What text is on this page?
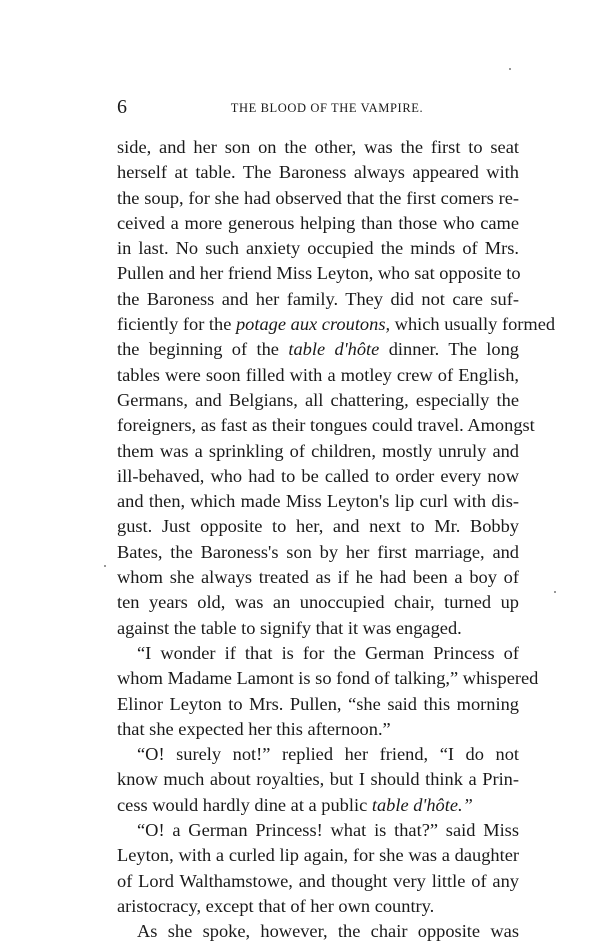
6	THE BLOOD OF THE VAMPIRE.
side, and her son on the other, was the first to seat
herself at table. The Baroness always appeared with
the soup, for she had observed that the first comers re-
ceived a more generous helping than those who came
in last. No such anxiety occupied the minds of Mrs.
Pullen and her friend Miss Leyton, who sat opposite to
the Baroness and her family. They did not care suf-
ficiently for the potage aux croutons, which usually formed
the beginning of the table d'hôte dinner. The long
tables were soon filled with a motley crew of English,
Germans, and Belgians, all chattering, especially the
foreigners, as fast as their tongues could travel. Amongst
them was a sprinkling of children, mostly unruly and
ill-behaved, who had to be called to order every now
and then, which made Miss Leyton's lip curl with dis-
gust. Just opposite to her, and next to Mr. Bobby
Bates, the Baroness's son by her first marriage, and
whom she always treated as if he had been a boy of
ten years old, was an unoccupied chair, turned up
against the table to signify that it was engaged.
“I wonder if that is for the German Princess of
whom Madame Lamont is so fond of talking,” whispered
Elinor Leyton to Mrs. Pullen, “she said this morning
that she expected her this afternoon.”
“O! surely not!” replied her friend, “I do not
know much about royalties, but I should think a Prin-
cess would hardly dine at a public table d'hôte.”
“O! a German Princess! what is that?” said Miss
Leyton, with a curled lip again, for she was a daughter
of Lord Walthamstowe, and thought very little of any
aristocracy, except that of her own country.
As she spoke, however, the chair opposite was
